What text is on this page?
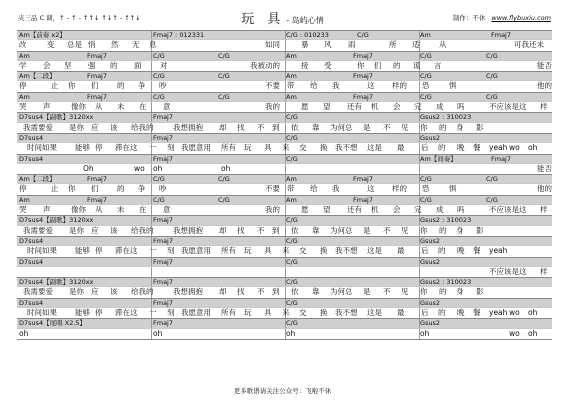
夹三品 C 调，↑ - ↑ - ↑↑↓ ↑↓↑ - ↑↑↓	玩　具 - 岛屿心情	制作：不休 www.flybuxiu.com
Am【前奏 x2】	Fmaj7 : 012331	C/G : 010233	C/G	Am	Fmaj7
改	变 总是 悄 然 无 息	如同	暴 风 雨	所 适	从	可我还未
Am	Fmaj7	C/G	C/G	Am	Fmaj7	C/G	C/G
学 会 坚 强 的 面 对	我被动的	接 受	你 们 的 谎 言	能否
Am【二段】	Fmaj7	C/G	C/G	Am	Fmaj7	C/G	C/G
停	止 你 们 的 争 吵	不要 带 给 我	这 样的 恐	惧	他的
Am	Fmaj7	C/G	C/G	Am	Fmaj7	C/G	C/G
哭 声	像你 从 未 在 意	我的	愿 望 还有 机 会 完 成 吗	不应该是这 样
D7sus4【副歌】3120xx	Fmaj7	C/G	Gsus2 : 310023
我需要爱 是你 应 该 给我的	我想拥抱 却 找 不 到 依 靠 为何总 是 不 见 你 的 身 影
D7sus4	Fmaj7	C/G	Gsus2
时间如果 能够 停 滞在这 一 刻 我愿意用 所有 玩 具 来 交 换 我不想 这是 最 后 的 晚 餐 yeah wo oh
D7sus4	Fmaj7	C/G	Am【间奏】	Fmaj7
Oh	wo oh	oh	能否
Am【二段】	Fmaj7	C/G	C/G	Am	Fmaj7	C/G	C/G
停	止 你 们 的 争 吵	不要 带 给 我	这 样的 恐	惧	他的
Am	Fmaj7	C/G	C/G	Am	Fmaj7	C/G	C/G
哭 声	像你 从 未 在 意	我的	愿 望 还有 机 会 完 成 吗	不应该是这 样
D7sus4【副歌】3120xx	Fmaj7	C/G	Gsus2 : 310023
我需要爱 是你 应 该 给我的	我想拥抱 却 找 不 到 依 靠 为何总 是 不 见 你 的 身 影
D7sus4	Fmaj7	C/G	Gsus2
时间如果 能够 停 滞在这 一 刻 我愿意用 所有 玩 具 来 交 换 我不想 这是 最 后 的 晚 餐 yeah
D7sus4	Fmaj7	C/G	Gsus2
不应该是这 样
D7sus4【副歌】3120xx	Fmaj7	C/G	Gsus2 : 310023
我需要爱 是你 应 该 给我的	我想拥抱 却 找 不 到 依 靠 为何总 是 不 见 你 的 身 影
D7sus4	Fmaj7	C/G	Gsus2
时间如果 能够 停 滞在这 一 刻 我愿意用 所有 玩 具 来 交 换 我不想 这是 最 后 的 晚 餐 yeah wo oh
D7sus4【尾唱 X2.5】	Fmaj7	C/G	Gsus2
oh	oh	oh	oh	wo oh
更多歌谱请关注公众号：飞啦不休
